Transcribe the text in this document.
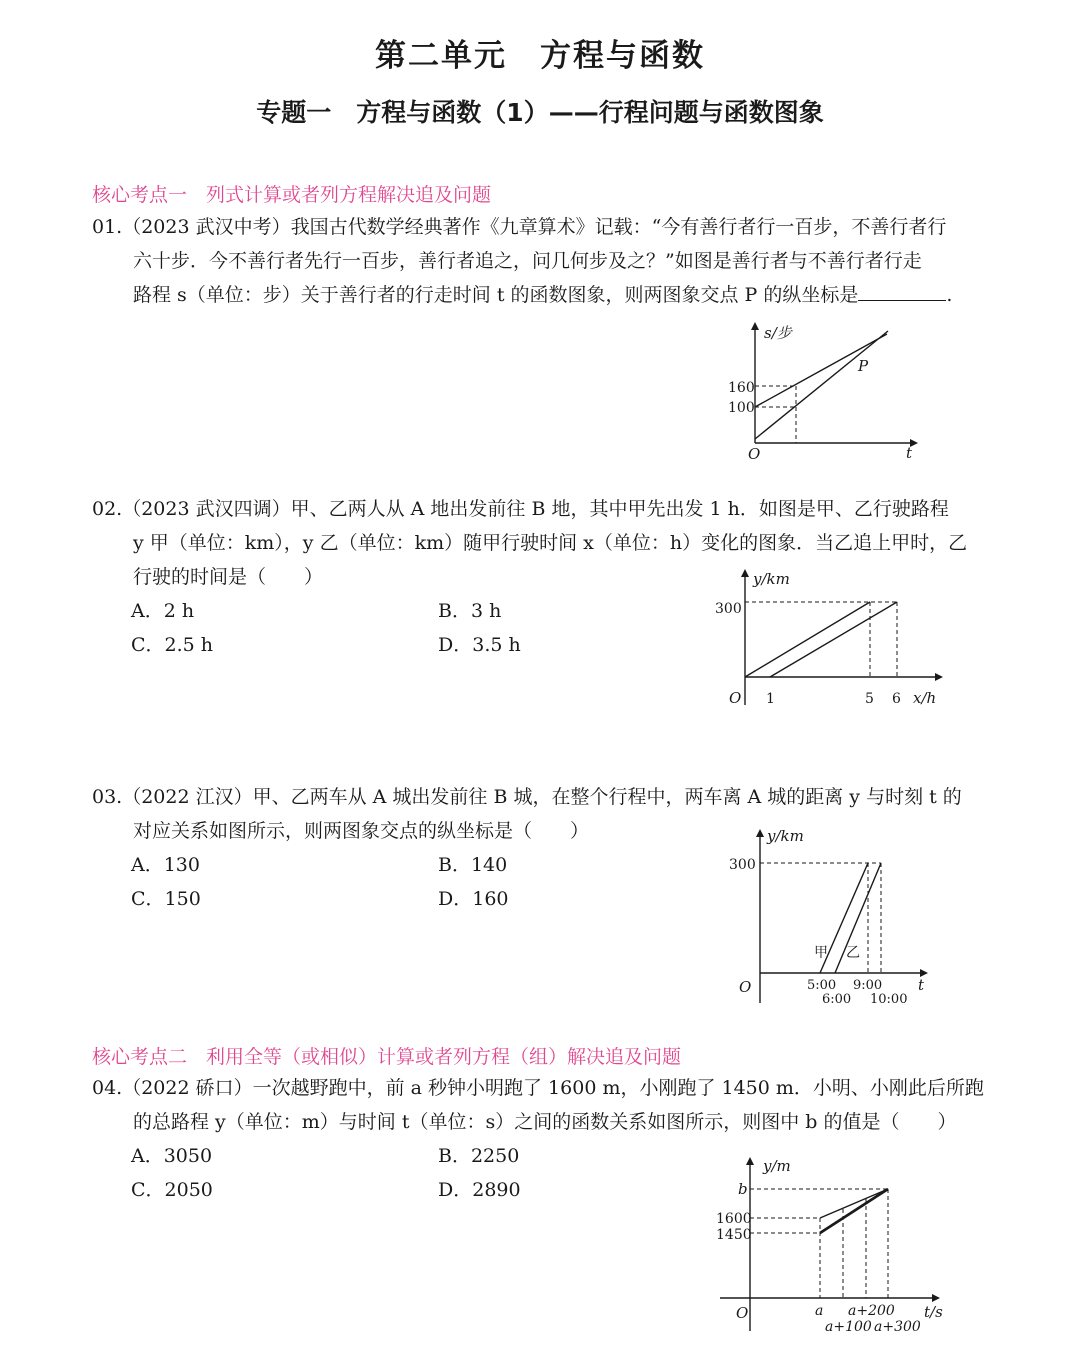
第二单元　方程与函数
专题一　方程与函数（1）——行程问题与函数图象
核心考点一　列式计算或者列方程解决追及问题
01.（2023 武汉中考）我国古代数学经典著作《九章算术》记载：“今有善行者行一百步，不善行者行
六十步．今不善行者先行一百步，善行者追之，问几何步及之？”如图是善行者与不善行者行走
路程 s（单位：步）关于善行者的行走时间 t 的函数图象，则两图象交点 P 的纵坐标是	.
s/步
t
O
P
160
100
02.（2023 武汉四调）甲、乙两人从 A 地出发前往 B 地，其中甲先出发 1 h．如图是甲、乙行驶路程
y 甲（单位：km），y 乙（单位：km）随甲行驶时间 x（单位：h）变化的图象．当乙追上甲时，乙
行驶的时间是（　　）
A．2 h	B．3 h
C．2.5 h	D．3.5 h
y/km
x/h
O
300
1	5 6
03.（2022 江汉）甲、乙两车从 A 城出发前往 B 城，在整个行程中，两车离 A 城的距离 y 与时刻 t 的
对应关系如图所示，则两图象交点的纵坐标是（　　）
A．130	B．140
C．150	D．160
y/km
t
O
300
甲 乙
5:00 9:00
6:00 10:00
核心考点二　利用全等（或相似）计算或者列方程（组）解决追及问题
04.（2022 硚口）一次越野跑中，前 a 秒钟小明跑了 1600 m，小刚跑了 1450 m．小明、小刚此后所跑
的总路程 y（单位：m）与时间 t（单位：s）之间的函数关系如图所示，则图中 b 的值是（　　）
A．3050	B．2250
C．2050	D．2890
y/m
t/s
O
b
1600
1450
a a+200
a+100 a+300
